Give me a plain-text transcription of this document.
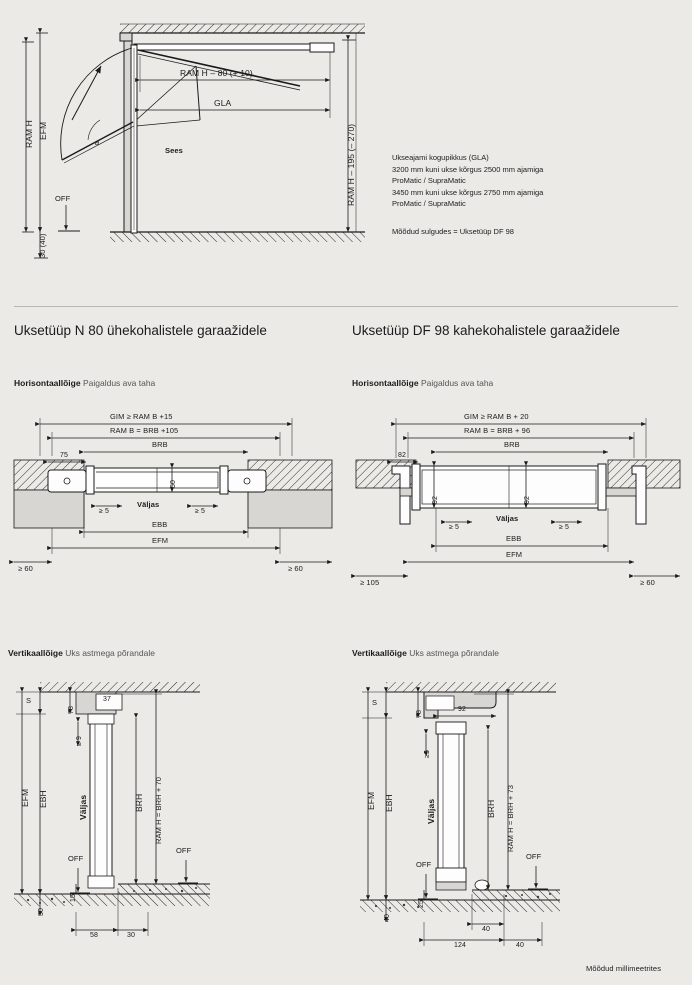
RAM H EFM
30 (40)
OFF
Sees
a
RAM H – 80 (+ 10)
GLA
RAM H – 195 (– 270)	Ukseajami kogupikkus (GLA)
3200 mm kuni ukse kõrgus 2500 mm ajamiga
ProMatic / SupraMatic
3450 mm kuni ukse kõrgus 2750 mm ajamiga
ProMatic / SupraMatic
Mõõdud sulgudes = Uksetüüp DF 98
Uksetüüp N 80 ühekohalistele garaažidele	Uksetüüp DF 98 kahekohalistele garaažidele
Horisontaallõige Paigaldus ava taha
GIM ≥ RAM B +15
RAM B = BRB +105
BRB
75
50
Väljas
≥ 5	≥ 5
EBB
EFM
≥ 60	≥ 60
Horisontaallõige Paigaldus ava taha
GIM ≥ RAM B + 20
RAM B = BRB + 96
BRB
82
92	92
Väljas
≥ 5	≥ 5
EBB
EFM
≥ 105	≥ 60
Vertikaallõige Uks astmega põrandale
S
78
37
≥ 9
EFM EBH	Väljas	BRH RAM H = BRH + 70
OFF
OFF
30
15
58	30
Vertikaallõige Uks astmega põrandale
S
78
92
≥5
EFM EBH	Väljas	BRH RAM H = BRH + 73
OFF
OFF
40
25
124	40
40
Mõõdud millimeetrites
